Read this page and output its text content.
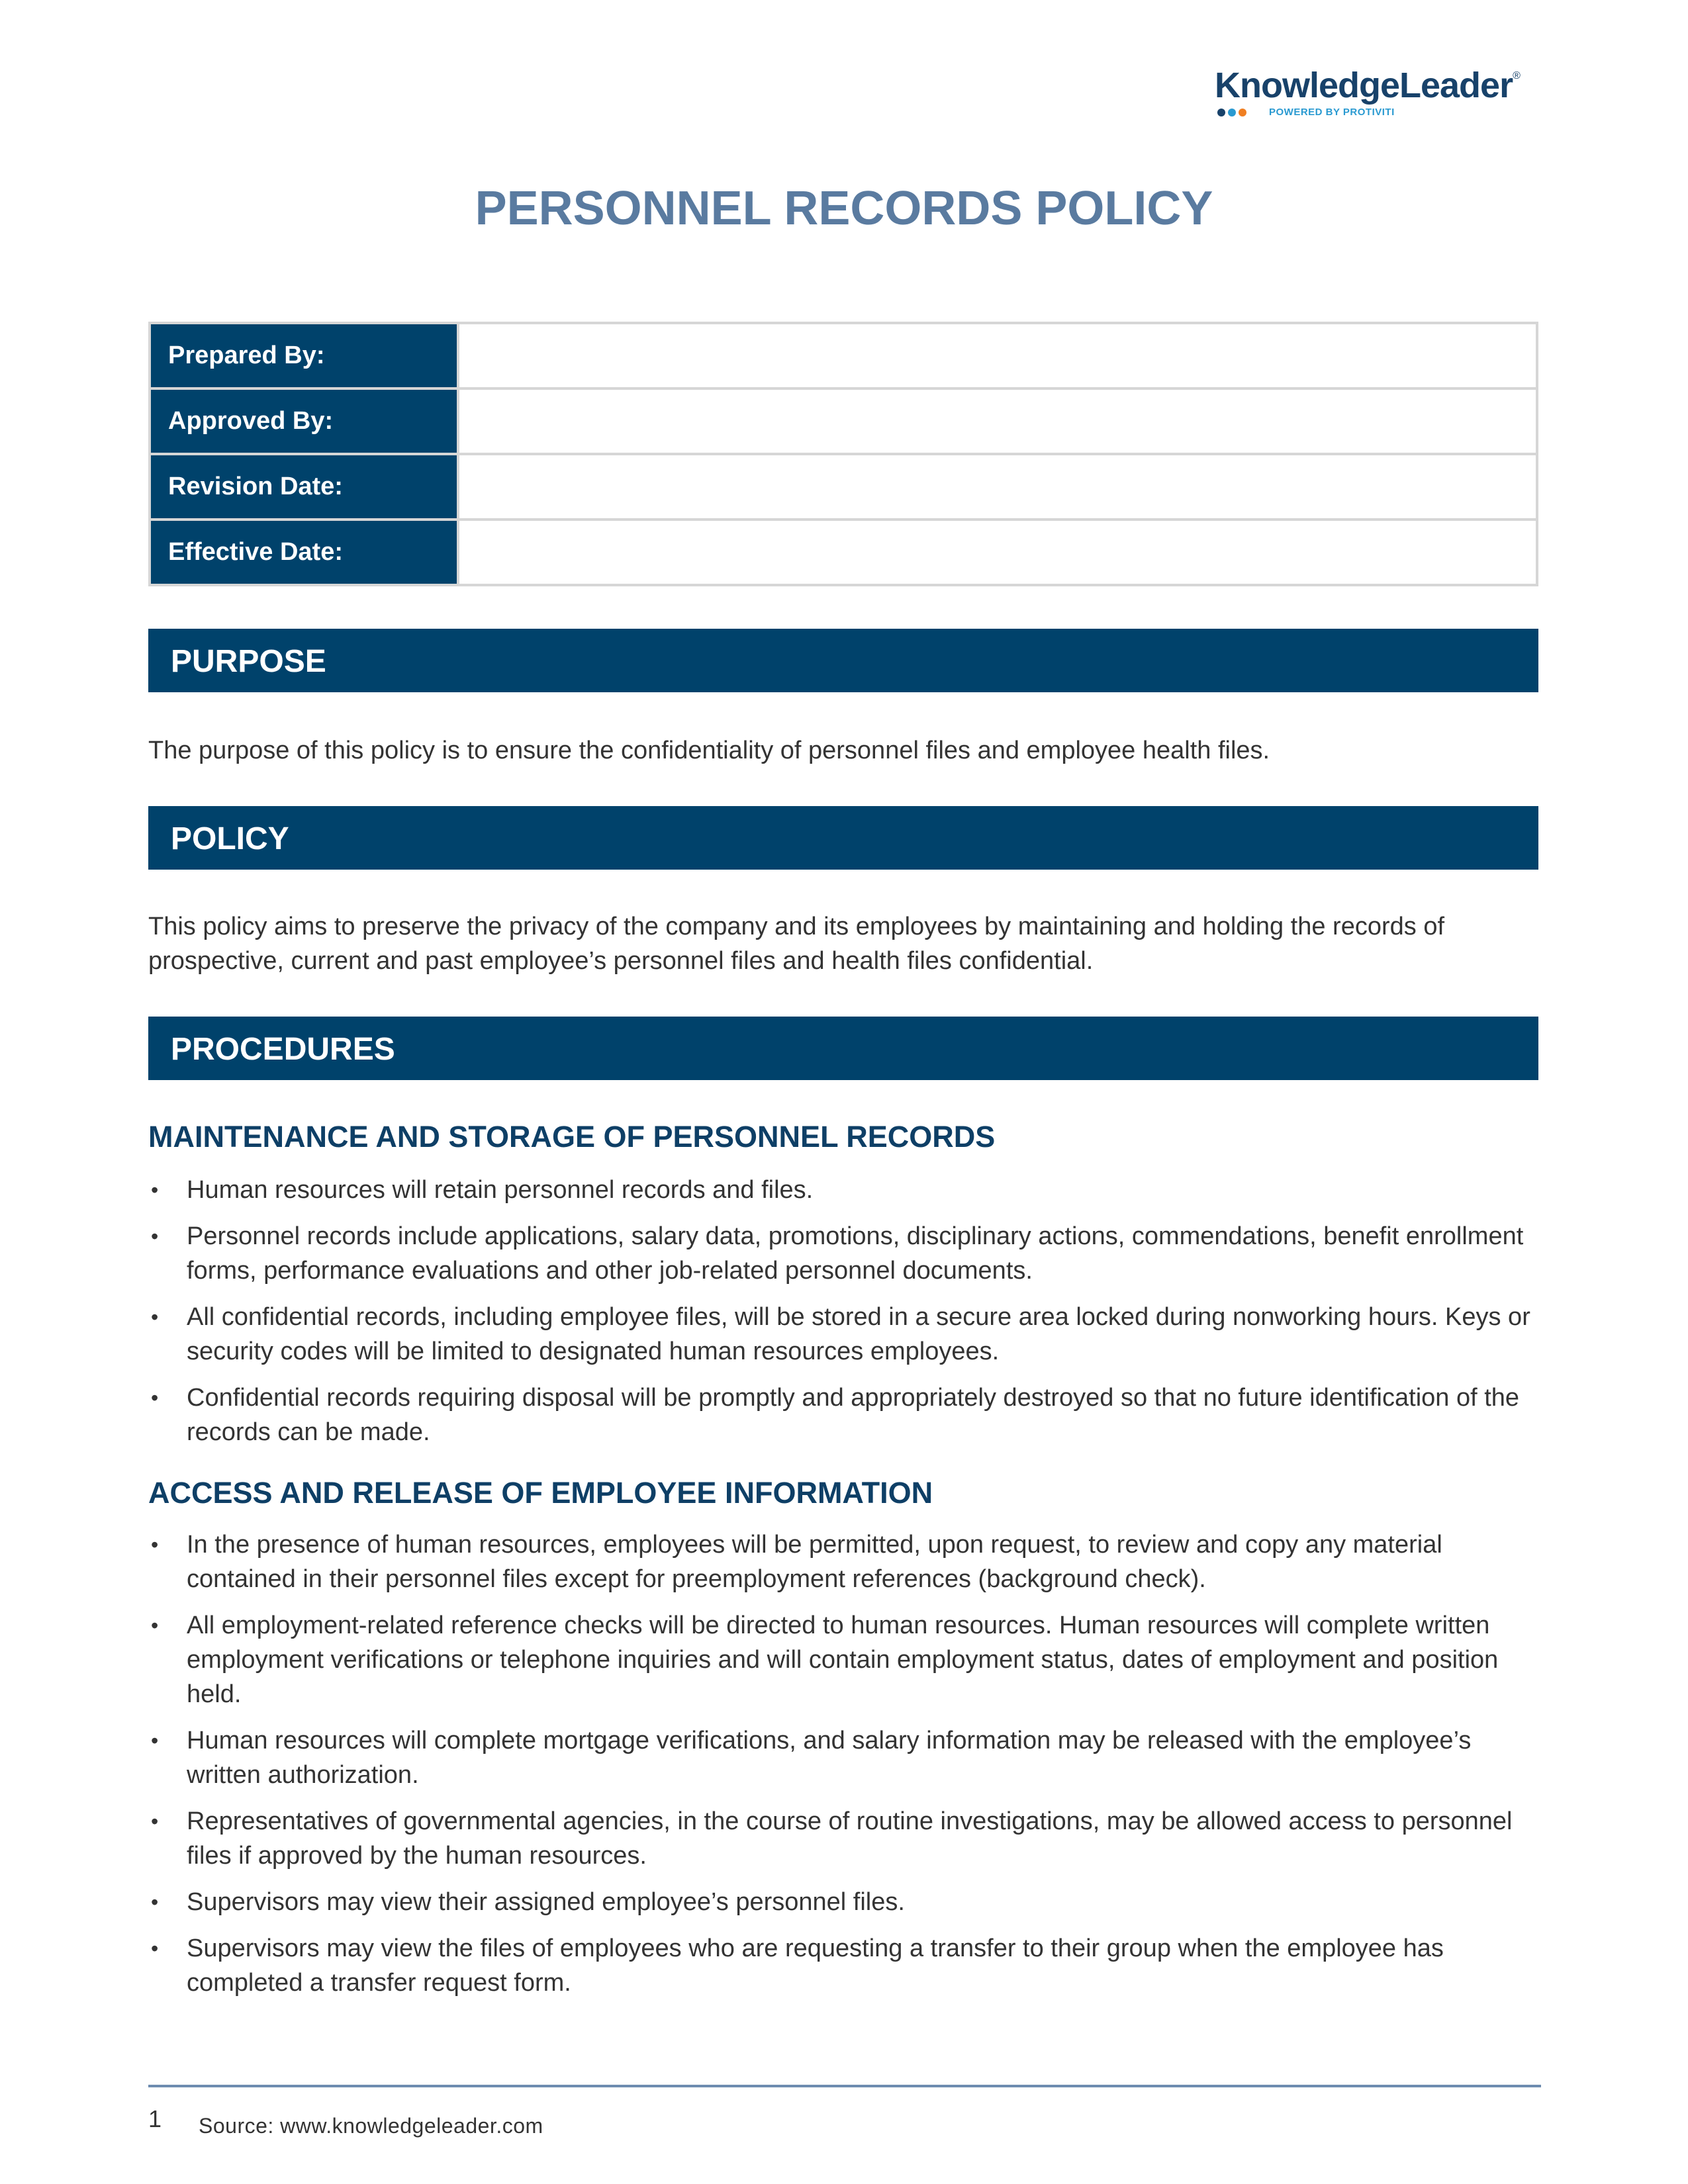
KnowledgeLeader®
POWERED BY PROTIVITI
PERSONNEL RECORDS POLICY
Prepared By:	
Approved By:	
Revision Date:	
Effective Date:	
PURPOSE

The purpose of this policy is to ensure the confidentiality of personnel files and employee health files.

POLICY

This policy aims to preserve the privacy of the company and its employees by maintaining and holding the records of prospective, current and past employee’s personnel files and health files confidential.

PROCEDURES
MAINTENANCE AND STORAGE OF PERSONNEL RECORDS
• Human resources will retain personnel records and files.
• Personnel records include applications, salary data, promotions, disciplinary actions, commendations, benefit enrollment forms, performance evaluations and other job-related personnel documents.
• All confidential records, including employee files, will be stored in a secure area locked during nonworking hours. Keys or security codes will be limited to designated human resources employees.
• Confidential records requiring disposal will be promptly and appropriately destroyed so that no future identification of the records can be made.
ACCESS AND RELEASE OF EMPLOYEE INFORMATION
• In the presence of human resources, employees will be permitted, upon request, to review and copy any material contained in their personnel files except for preemployment references (background check).
• All employment-related reference checks will be directed to human resources. Human resources will complete written employment verifications or telephone inquiries and will contain employment status, dates of employment and position held.
• Human resources will complete mortgage verifications, and salary information may be released with the employee’s written authorization.
• Representatives of governmental agencies, in the course of routine investigations, may be allowed access to personnel files if approved by the human resources.
• Supervisors may view their assigned employee’s personnel files.
• Supervisors may view the files of employees who are requesting a transfer to their group when the employee has completed a transfer request form.
1 Source: www.knowledgeleader.com
